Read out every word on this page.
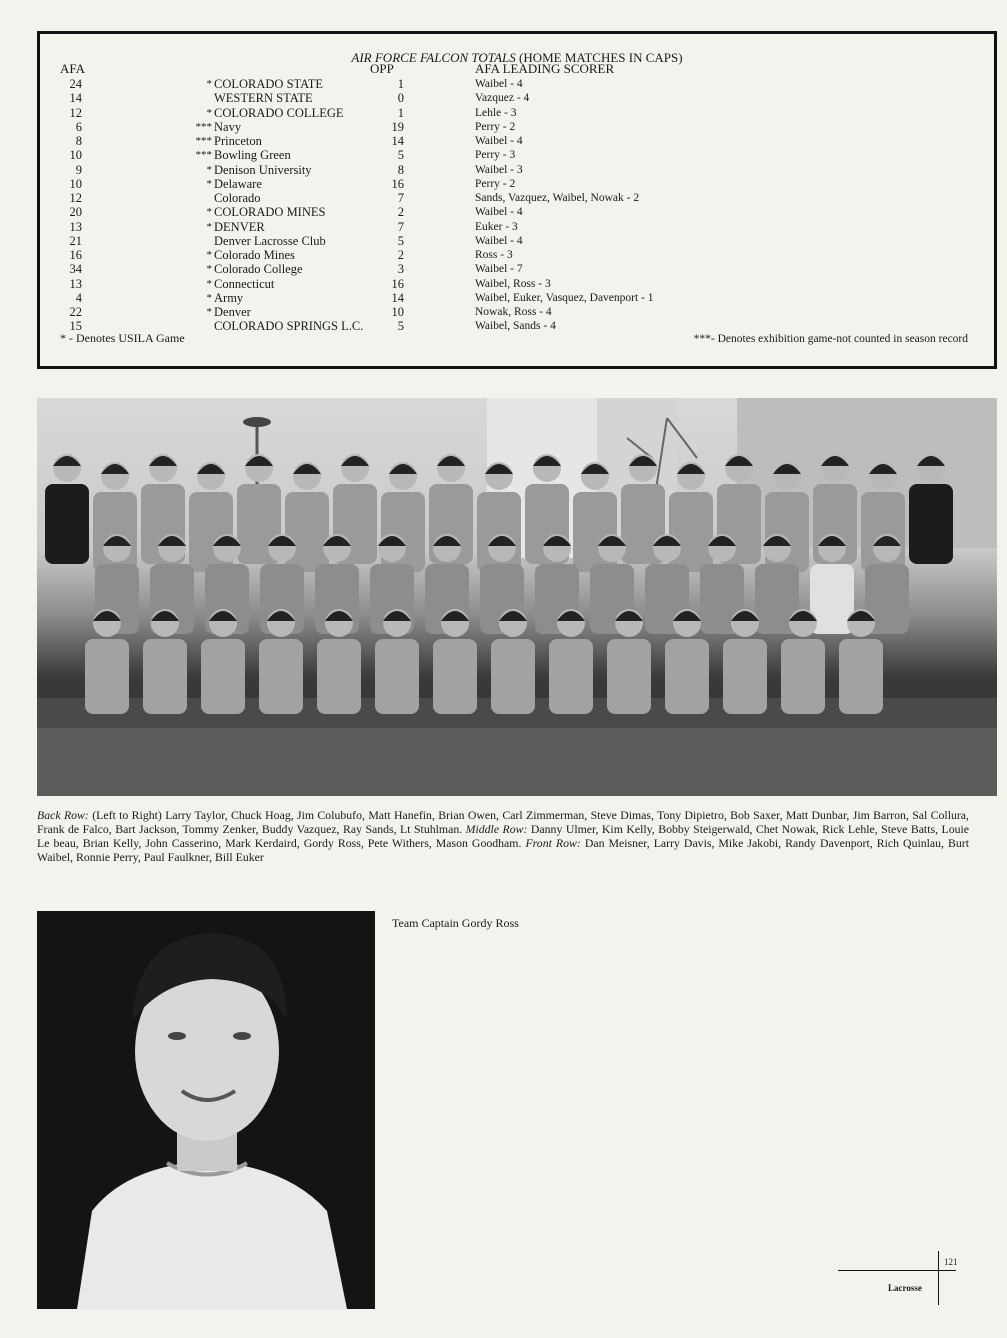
AIR FORCE FALCON TOTALS (HOME MATCHES IN CAPS)
AFA	OPP	AFA LEADING SCORER
24	* COLORADO STATE	1	Waibel - 4
14	WESTERN STATE	0	Vazquez - 4
12	* COLORADO COLLEGE	1	Lehle - 3
6	*** Navy	19	Perry - 2
8	*** Princeton	14	Waibel - 4
10	*** Bowling Green	5	Perry - 3
9	* Denison University	8	Waibel - 3
10	* Delaware	16	Perry - 2
12	Colorado	7	Sands, Vazquez, Waibel, Nowak - 2
20	* COLORADO MINES	2	Waibel - 4
13	* DENVER	7	Euker - 3
21	Denver Lacrosse Club	5	Waibel - 4
16	* Colorado Mines	2	Ross - 3
34	* Colorado College	3	Waibel - 7
13	* Connecticut	16	Waibel, Ross - 3
4	* Army	14	Waibel, Euker, Vasquez, Davenport - 1
22	* Denver	10	Nowak, Ross - 4
15	COLORADO SPRINGS L.C.	5	Waibel, Sands - 4
* - Denotes USILA Game	***- Denotes exhibition game-not counted in season record
Back Row: (Left to Right) Larry Taylor, Chuck Hoag, Jim Colubufo, Matt Hanefin, Brian Owen, Carl Zimmerman, Steve Dimas, Tony Dipietro, Bob Saxer, Matt Dunbar, Jim Barron, Sal Collura, Frank de Falco, Bart Jackson, Tommy Zenker, Buddy Vazquez, Ray Sands, Lt Stuhlman. Middle Row: Danny Ulmer, Kim Kelly, Bobby Steigerwald, Chet Nowak, Rick Lehle, Steve Batts, Louie Le beau, Brian Kelly, John Casserino, Mark Kerdaird, Gordy Ross, Pete Withers, Mason Goodham. Front Row: Dan Meisner, Larry Davis, Mike Jakobi, Randy Davenport, Rich Quinlau, Burt Waibel, Ronnie Perry, Paul Faulkner, Bill Euker
Team Captain Gordy Ross
121
Lacrosse
